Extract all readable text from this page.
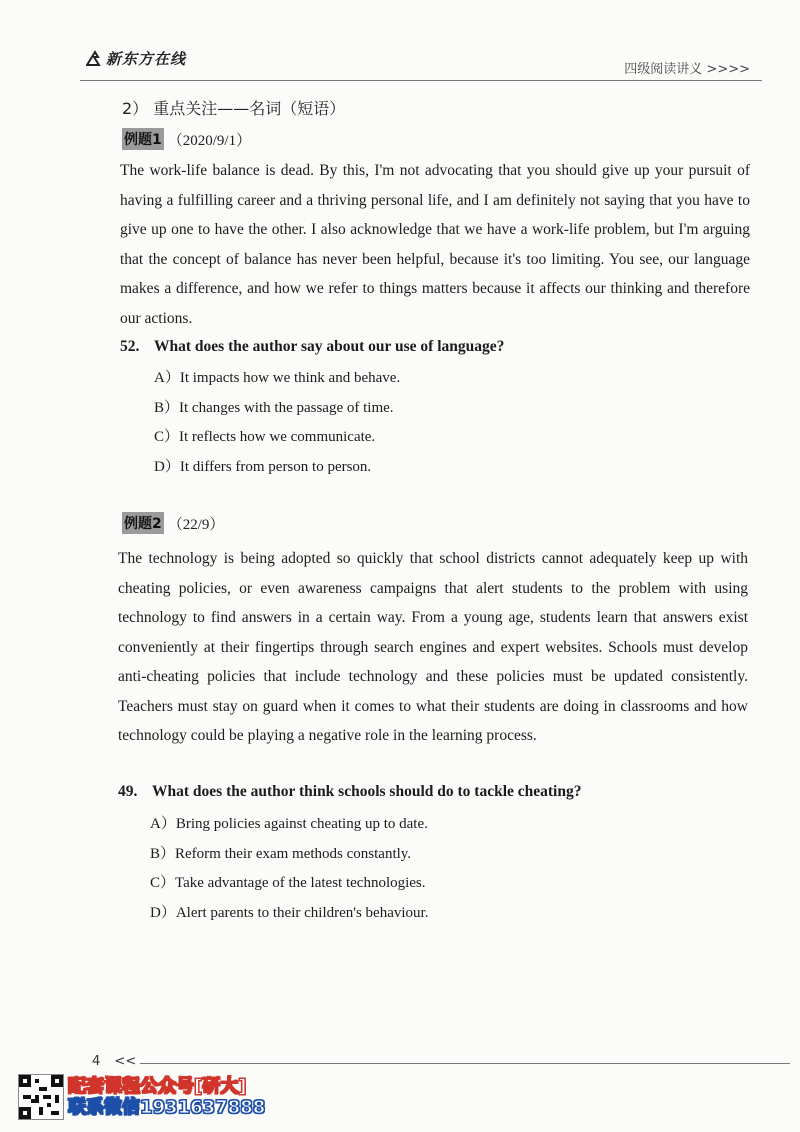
新东方在线
四级阅读讲义 >>>>
2） 重点关注——名词（短语）
例题1 （2020/9/1）

The work-life balance is dead. By this, I'm not advocating that you should give up your pursuit of having a fulfilling career and a thriving personal life, and I am definitely not saying that you have to give up one to have the other. I also acknowledge that we have a work-life problem, but I'm arguing that the concept of balance has never been helpful, because it's too limiting. You see, our language makes a difference, and how we refer to things matters because it affects our thinking and therefore our actions.

52. What does the author say about our use of language?
A）It impacts how we think and behave.
B）It changes with the passage of time.
C）It reflects how we communicate.
D）It differs from person to person.
例题2 （22/9）

The technology is being adopted so quickly that school districts cannot adequately keep up with cheating policies, or even awareness campaigns that alert students to the problem with using technology to find answers in a certain way. From a young age, students learn that answers exist conveniently at their fingertips through search engines and expert websites. Schools must develop anti-cheating policies that include technology and these policies must be updated consistently. Teachers must stay on guard when it comes to what their students are doing in classrooms and how technology could be playing a negative role in the learning process.

49. What does the author think schools should do to tackle cheating?
A）Bring policies against cheating up to date.
B）Reform their exam methods constantly.
C）Take advantage of the latest technologies.
D）Alert parents to their children's behaviour.
4 <<
配套课程公众号[研大]
联系微信1931637888
